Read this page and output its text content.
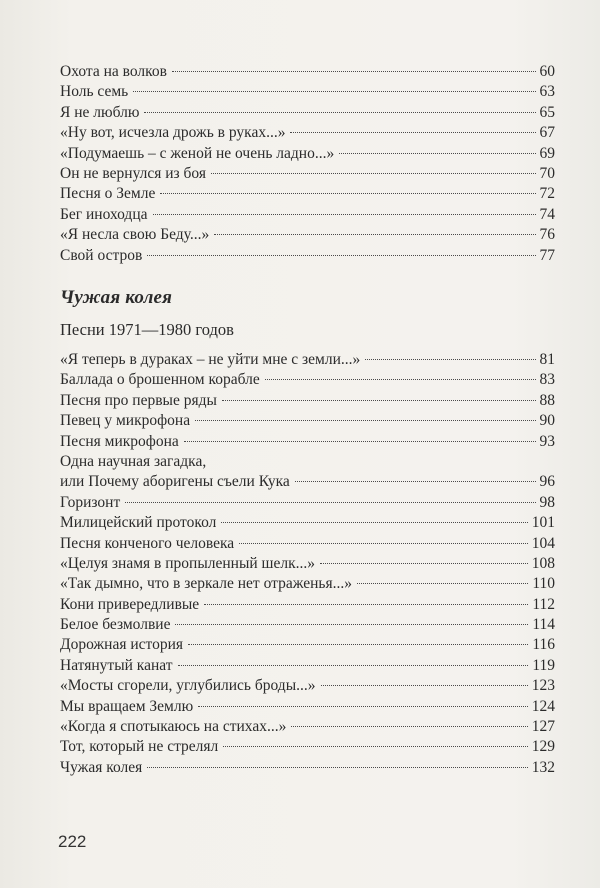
Охота на волков	60
Ноль семь	63
Я не люблю	65
«Ну вот, исчезла дрожь в руках...»	67
«Подумаешь – с женой не очень ладно...»	69
Он не вернулся из боя	70
Песня о Земле	72
Бег иноходца	74
«Я несла свою Беду...»	76
Свой остров	77
Чужая колея
Песни 1971—1980 годов
«Я теперь в дураках – не уйти мне с земли...»	81
Баллада о брошенном корабле	83
Песня про первые ряды	88
Певец у микрофона	90
Песня микрофона	93
Одна научная загадка,
или Почему аборигены съели Кука	96
Горизонт	98
Милицейский протокол	101
Песня конченого человека	104
«Целуя знамя в пропыленный шелк...»	108
«Так дымно, что в зеркале нет отраженья...»	110
Кони привередливые	112
Белое безмолвие	114
Дорожная история	116
Натянутый канат	119
«Мосты сгорели, углубились броды...»	123
Мы вращаем Землю	124
«Когда я спотыкаюсь на стихах...»	127
Тот, который не стрелял	129
Чужая колея	132
222
